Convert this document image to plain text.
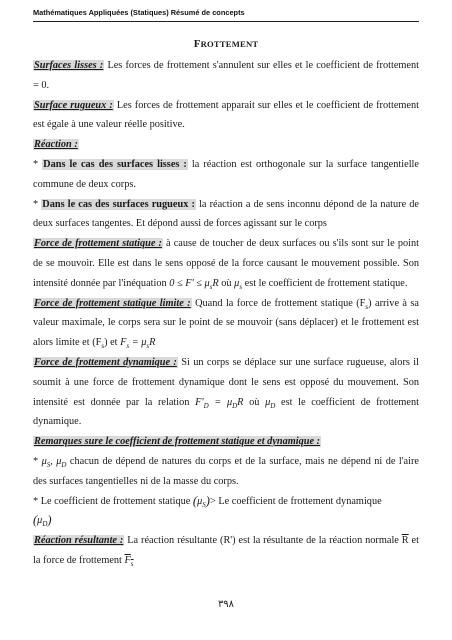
Mathématiques Appliquées (Statiques) Résumé de concepts
FROTTEMENT

Surfaces lisses : Les forces de frottement s'annulent sur elles et le coefficient de frottement = 0.

Surface rugueux : Les forces de frottement apparait sur elles et le coefficient de frottement est égale à une valeur réelle positive.

Réaction :

* Dans le cas des surfaces lisses : la réaction est orthogonale sur la surface tangentielle commune de deux corps.

* Dans le cas des surfaces rugueux : la réaction a de sens inconnu dépond de la nature de deux surfaces tangentes. Et dépond aussi de forces agissant sur le corps

Force de frottement statique : à cause de toucher de deux surfaces ou s'ils sont sur le point de se mouvoir. Elle est dans le sens opposé de la force causant le mouvement possible. Son intensité donnée par l'inéquation $0 \le F' \le \mu_sR$ où $\mu_s$ est le coefficient de frottement statique.

Force de frottement statique limite : Quand la force de frottement statique $(F_s)$ arrive à sa valeur maximale, le corps sera sur le point de se mouvoir (sans déplacer) et le frottement est alors limite et $(F_s)$ et $F_s = \mu_sR$

Force de frottement dynamique : Si un corps se déplace sur une surface rugueuse, alors il soumit à une force de frottement dynamique dont le sens est opposé du mouvement. Son intensité est donnée par la relation $F'_D = \mu_DR$ où $\mu_D$ est le coefficient de frottement dynamique.

Remarques sure le coefficient de frottement statique et dynamique :

* $\mu_S$, $\mu_D$ chacun de dépend de natures du corps et de la surface, mais ne dépend ni de l'aire des surfaces tangentielles ni de la masse du corps.

* Le coefficient de frottement statique $(\mu_S)> Le$ coefficient de frottement dynamique
$(\mu_D)$

Réaction résultante : La réaction résultante (R') est la résultante de la réaction normale $\overline{R}$ et la force de frottement $F_s$

٣٩٨
